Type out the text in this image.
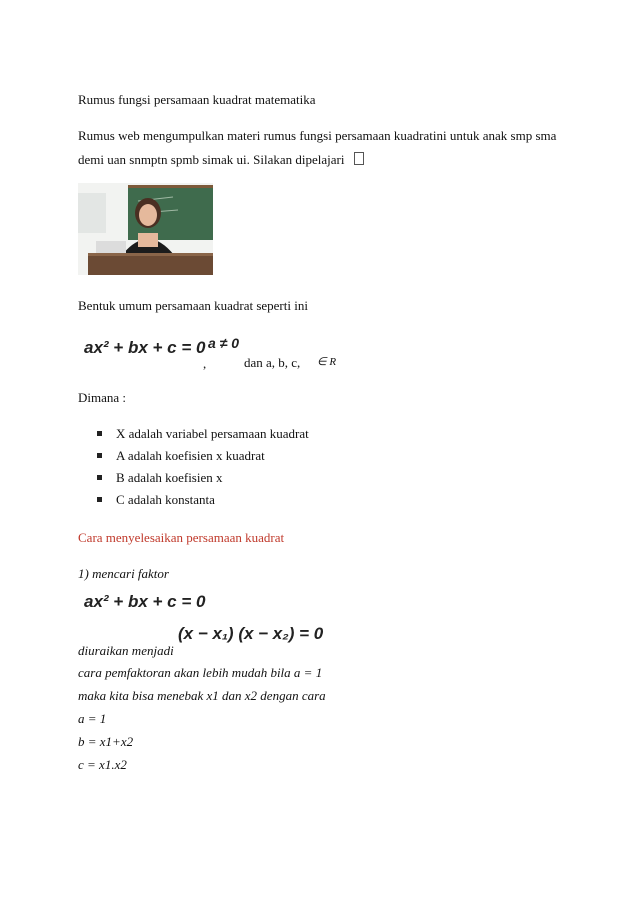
Rumus fungsi persamaan kuadrat matematika
Rumus web mengumpulkan materi rumus fungsi persamaan kuadratini untuk anak smp sma
demi uan snmptn spmb simak ui. Silakan dipelajari
Bentuk umum persamaan kuadrat seperti ini
ax² + bx + c = 0
,
a ≠ 0
dan a, b, c, ∈ R
Dimana :
X adalah variabel persamaan kuadrat
A adalah koefisien x kuadrat
B adalah koefisien x
C adalah konstanta
Cara menyelesaikan persamaan kuadrat
1) mencari faktor
ax² + bx + c = 0
diuraikan menjadi
(x − x₁) (x − x₂) = 0
cara pemfaktoran akan lebih mudah bila a = 1
maka kita bisa menebak x1 dan x2 dengan cara
a = 1
b = x1+x2
c = x1.x2
